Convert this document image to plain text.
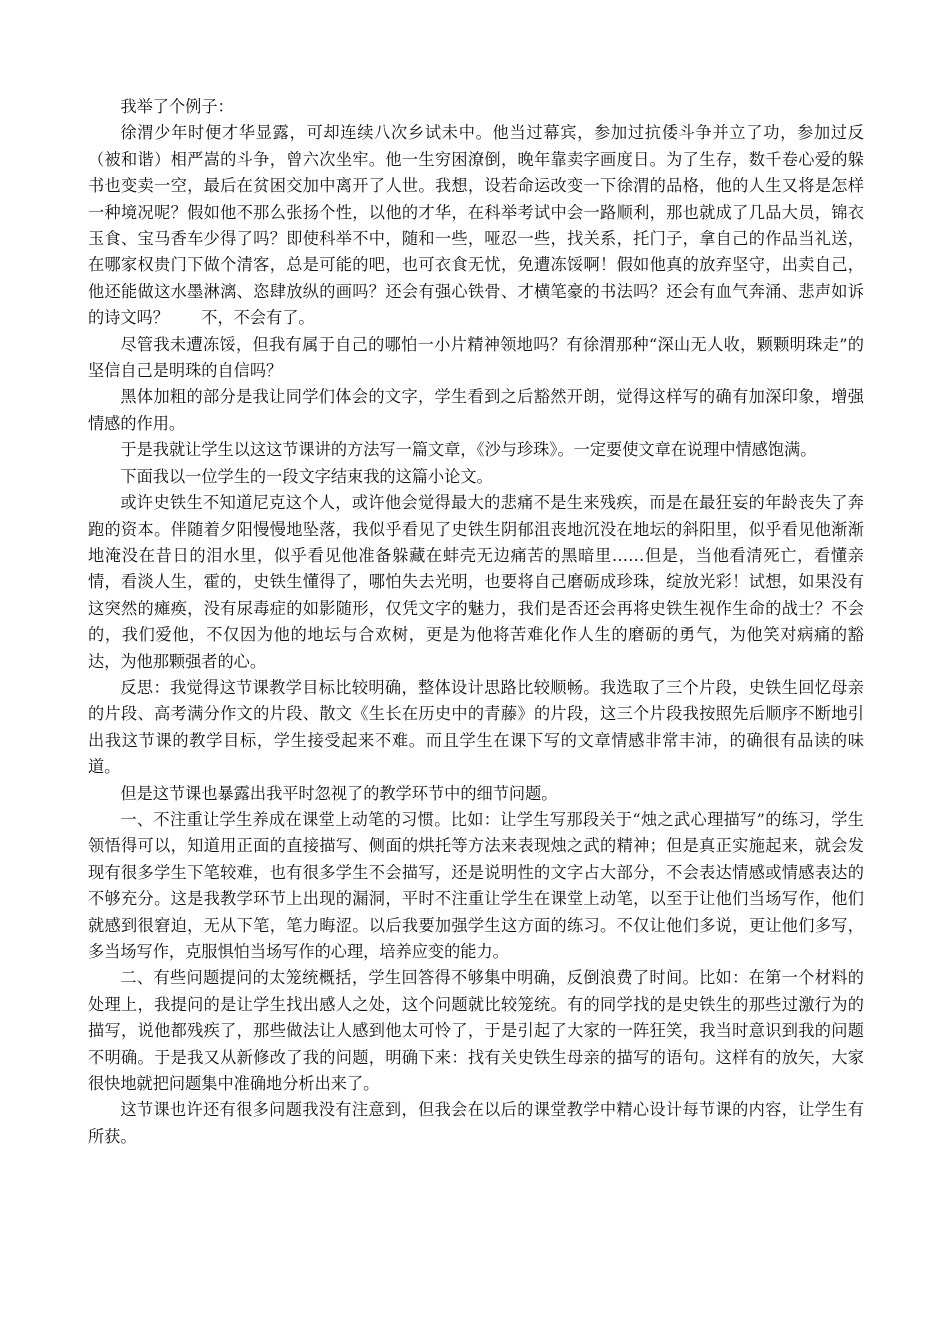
我举了个例子：

徐渭少年时便才华显露，可却连续八次乡试未中。他当过幕宾，参加过抗倭斗争并立了功，参加过反（被和谐）相严嵩的斗争，曾六次坐牢。他一生穷困潦倒，晚年靠卖字画度日。为了生存，数千卷心爱的躲书也变卖一空，最后在贫困交加中离开了人世。我想，设若命运改变一下徐渭的品格，他的人生又将是怎样一种境况呢？假如他不那么张扬个性，以他的才华，在科举考试中会一路顺利，那也就成了几品大员，锦衣玉食、宝马香车少得了吗？即使科举不中，随和一些，哑忍一些，找关系，托门子，拿自己的作品当礼送，在哪家权贵门下做个清客，总是可能的吧，也可衣食无忧，免遭冻馁啊！假如他真的放弃坚守，出卖自己，他还能做这水墨淋漓、恣肆放纵的画吗？还会有强心铁骨、才横笔豪的书法吗？还会有血气奔涌、悲声如诉的诗文吗？　　不，不会有了。

尽管我未遭冻馁，但我有属于自己的哪怕一小片精神领地吗？有徐渭那种“深山无人收，颗颗明珠走”的坚信自己是明珠的自信吗？

黑体加粗的部分是我让同学们体会的文字，学生看到之后豁然开朗，觉得这样写的确有加深印象，增强情感的作用。

于是我就让学生以这这节课讲的方法写一篇文章，《沙与珍珠》。一定要使文章在说理中情感饱满。

下面我以一位学生的一段文字结束我的这篇小论文。

或许史铁生不知道尼克这个人，或许他会觉得最大的悲痛不是生来残疾，而是在最狂妄的年龄丧失了奔跑的资本。伴随着夕阳慢慢地坠落，我似乎看见了史铁生阴郁沮丧地沉没在地坛的斜阳里，似乎看见他渐渐地淹没在昔日的泪水里，似乎看见他准备躲藏在蚌壳无边痛苦的黑暗里……但是，当他看清死亡，看懂亲情，看淡人生，霍的，史铁生懂得了，哪怕失去光明，也要将自己磨砺成珍珠，绽放光彩！试想，如果没有这突然的瘫痪，没有尿毒症的如影随形，仅凭文字的魅力，我们是否还会再将史铁生视作生命的战士？不会的，我们爱他，不仅因为他的地坛与合欢树，更是为他将苦难化作人生的磨砺的勇气，为他笑对病痛的豁达，为他那颗强者的心。

反思：我觉得这节课教学目标比较明确，整体设计思路比较顺畅。我选取了三个片段，史铁生回忆母亲的片段、高考满分作文的片段、散文《生长在历史中的青藤》的片段，这三个片段我按照先后顺序不断地引出我这节课的教学目标，学生接受起来不难。而且学生在课下写的文章情感非常丰沛，的确很有品读的味道。

但是这节课也暴露出我平时忽视了的教学环节中的细节问题。

一、不注重让学生养成在课堂上动笔的习惯。比如：让学生写那段关于“烛之武心理描写”的练习，学生领悟得可以，知道用正面的直接描写、侧面的烘托等方法来表现烛之武的精神；但是真正实施起来，就会发现有很多学生下笔较难，也有很多学生不会描写，还是说明性的文字占大部分，不会表达情感或情感表达的不够充分。这是我教学环节上出现的漏洞，平时不注重让学生在课堂上动笔，以至于让他们当场写作，他们就感到很窘迫，无从下笔，笔力晦涩。以后我要加强学生这方面的练习。不仅让他们多说，更让他们多写，多当场写作，克服惧怕当场写作的心理，培养应变的能力。

二、有些问题提问的太笼统概括，学生回答得不够集中明确，反倒浪费了时间。比如：在第一个材料的处理上，我提问的是让学生找出感人之处，这个问题就比较笼统。有的同学找的是史铁生的那些过激行为的描写，说他都残疾了，那些做法让人感到他太可怜了，于是引起了大家的一阵狂笑，我当时意识到我的问题不明确。于是我又从新修改了我的问题，明确下来：找有关史铁生母亲的描写的语句。这样有的放矢，大家很快地就把问题集中准确地分析出来了。

这节课也许还有很多问题我没有注意到，但我会在以后的课堂教学中精心设计每节课的内容，让学生有所获。
